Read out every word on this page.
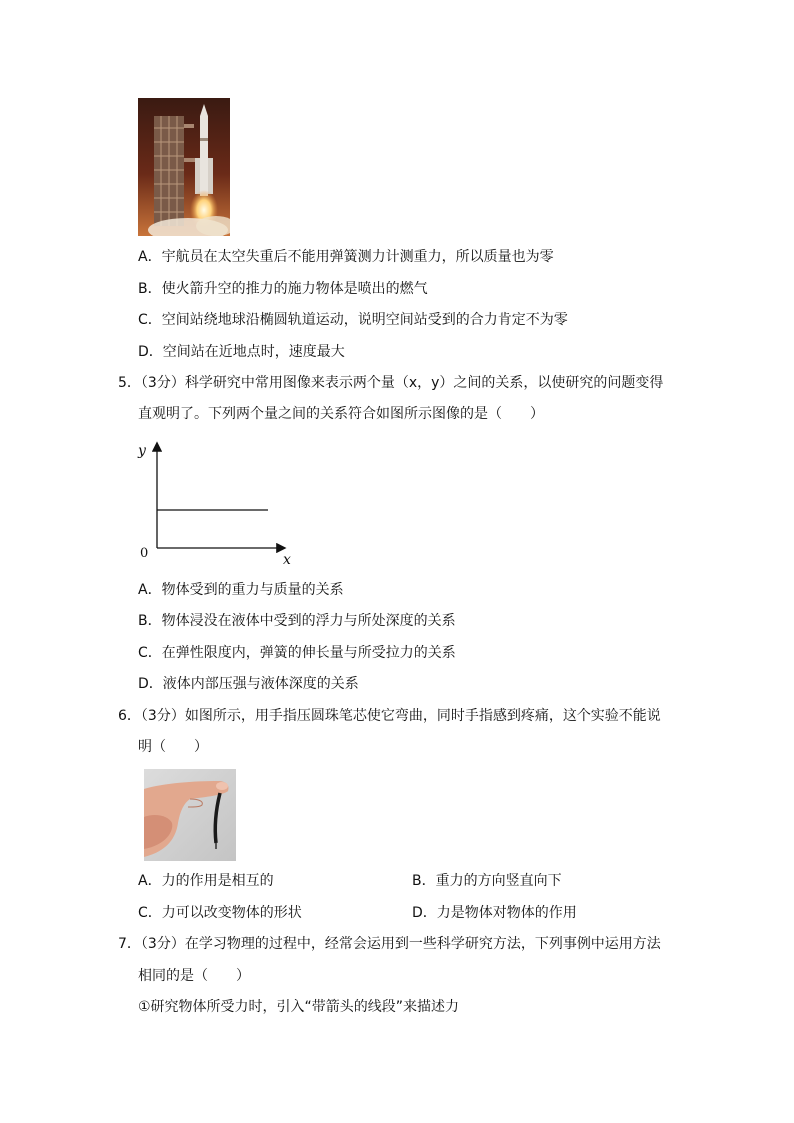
A．宇航员在太空失重后不能用弹簧测力计测重力，所以质量也为零
B．使火箭升空的推力的施力物体是喷出的燃气
C．空间站绕地球沿椭圆轨道运动，说明空间站受到的合力肯定不为零
D．空间站在近地点时，速度最大
5．（3分）科学研究中常用图像来表示两个量（x，y）之间的关系，以使研究的问题变得
直观明了。下列两个量之间的关系符合如图所示图像的是（　　）
y
x
0
A．物体受到的重力与质量的关系
B．物体浸没在液体中受到的浮力与所处深度的关系
C．在弹性限度内，弹簧的伸长量与所受拉力的关系
D．液体内部压强与液体深度的关系
6．（3分）如图所示，用手指压圆珠笔芯使它弯曲，同时手指感到疼痛，这个实验不能说
明（　　）
A．力的作用是相互的	B．重力的方向竖直向下
C．力可以改变物体的形状	D．力是物体对物体的作用
7．（3分）在学习物理的过程中，经常会运用到一些科学研究方法，下列事例中运用方法
相同的是（　　）
①研究物体所受力时，引入“带箭头的线段”来描述力
